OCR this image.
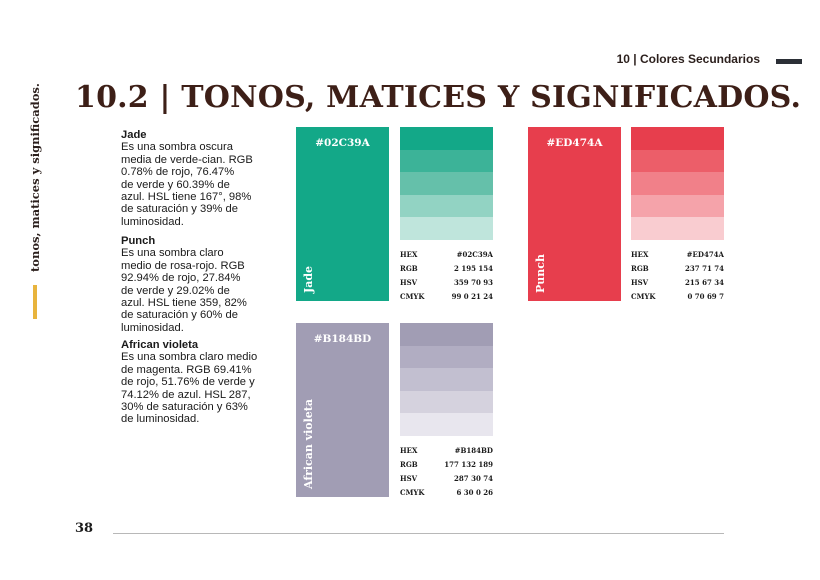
10 | Colores Secundarios
tonos, matices y significados. 10.2 | TONOS, MATICES Y SIGNIFICADOS.
Jade
Es una sombra oscura
media de verde-cian. RGB
0.78% de rojo, 76.47%
de verde y 60.39% de
azul. HSL tiene 167°, 98%
de saturación y 39% de
luminosidad.
Punch
Es una sombra claro
medio de rosa-rojo. RGB
92.94% de rojo, 27.84%
de verde y 29.02% de
azul. HSL tiene 359, 82%
de saturación y 60% de
luminosidad.
African violeta
Es una sombra claro medio
de magenta. RGB 69.41%
de rojo, 51.76% de verde y
74.12% de azul. HSL 287,
30% de saturación y 63%
de luminosidad.
#02C39A
Jade
HEX	#02C39A
RGB	2 195 154
HSV	359 70 93
CMYK	99 0 21 24
#ED474A
Punch	HEX	#ED474A
RGB	237 71 74
HSV	215 67 34
CMYK	0 70 69 7
#B184BD
African violeta	HEX	#B184BD
RGB	177 132 189
HSV	287 30 74
CMYK	6 30 0 26
38
